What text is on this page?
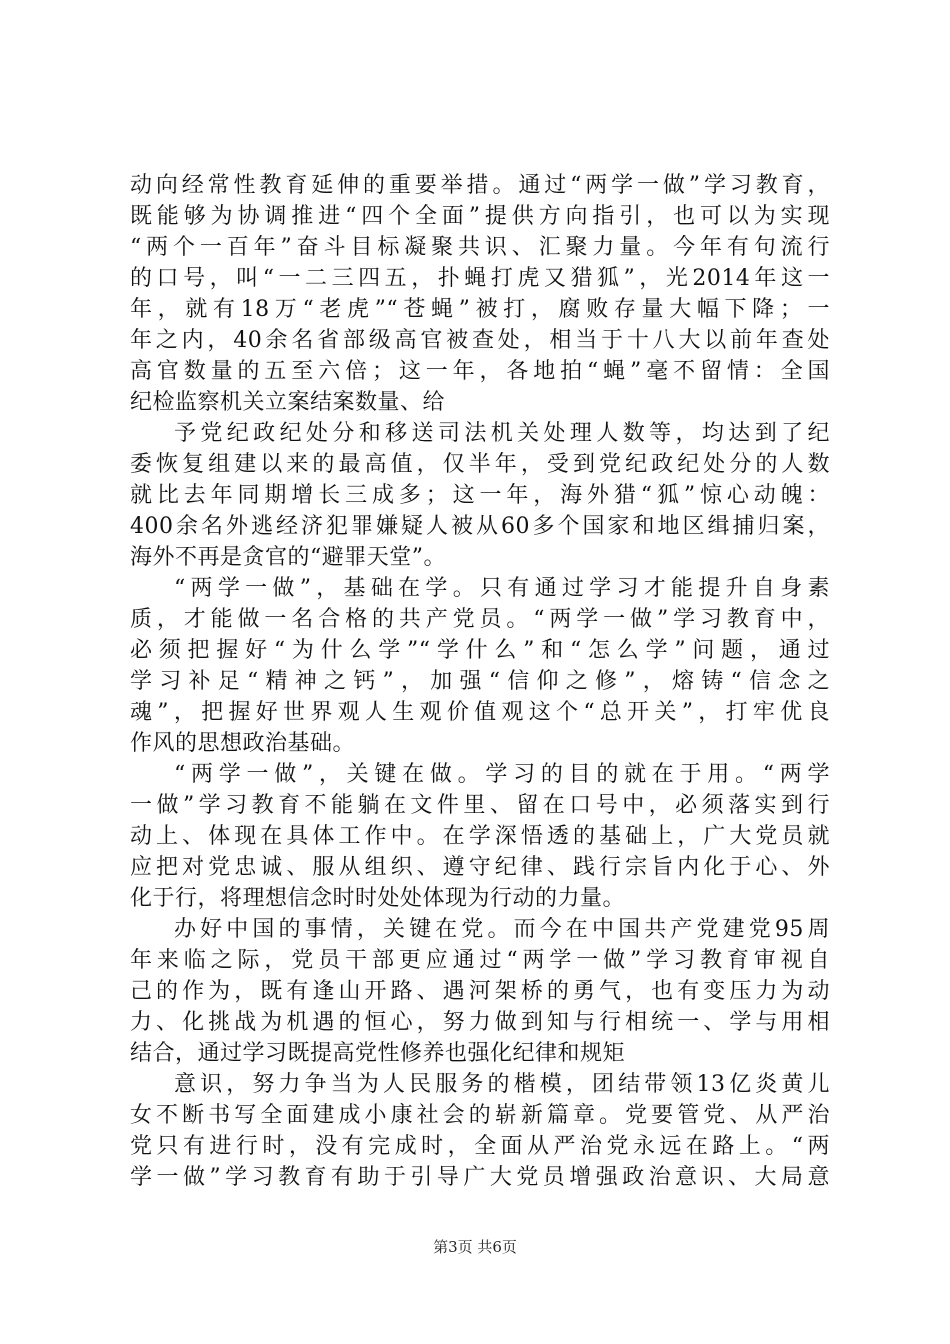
动向经常性教育延伸的重要举措。通过“两学一做”学习教育，
既能够为协调推进“四个全面”提供方向指引，也可以为实现
“两个一百年”奋斗目标凝聚共识、汇聚力量。今年有句流行
的口号，叫“一二三四五，扑蝇打虎又猎狐”，光2014年这一
年，就有18万“老虎”“苍蝇”被打，腐败存量大幅下降；一
年之内，40余名省部级高官被查处，相当于十八大以前年查处
高官数量的五至六倍；这一年，各地拍“蝇”毫不留情：全国
纪检监察机关立案结案数量、给
予党纪政纪处分和移送司法机关处理人数等，均达到了纪
委恢复组建以来的最高值，仅半年，受到党纪政纪处分的人数
就比去年同期增长三成多；这一年，海外猎“狐”惊心动魄：
400余名外逃经济犯罪嫌疑人被从60多个国家和地区缉捕归案，
海外不再是贪官的“避罪天堂”。
“两学一做”，基础在学。只有通过学习才能提升自身素
质，才能做一名合格的共产党员。“两学一做”学习教育中，
必须把握好“为什么学”“学什么”和“怎么学”问题，通过
学习补足“精神之钙”，加强“信仰之修”，熔铸“信念之
魂”，把握好世界观人生观价值观这个“总开关”，打牢优良
作风的思想政治基础。
“两学一做”，关键在做。学习的目的就在于用。“两学
一做”学习教育不能躺在文件里、留在口号中，必须落实到行
动上、体现在具体工作中。在学深悟透的基础上，广大党员就
应把对党忠诚、服从组织、遵守纪律、践行宗旨内化于心、外
化于行，将理想信念时时处处体现为行动的力量。
办好中国的事情，关键在党。而今在中国共产党建党95周
年来临之际，党员干部更应通过“两学一做”学习教育审视自
己的作为，既有逢山开路、遇河架桥的勇气，也有变压力为动
力、化挑战为机遇的恒心，努力做到知与行相统一、学与用相
结合，通过学习既提高党性修养也强化纪律和规矩
意识，努力争当为人民服务的楷模，团结带领13亿炎黄儿
女不断书写全面建成小康社会的崭新篇章。党要管党、从严治
党只有进行时，没有完成时，全面从严治党永远在路上。“两
学一做”学习教育有助于引导广大党员增强政治意识、大局意
第3页 共6页
